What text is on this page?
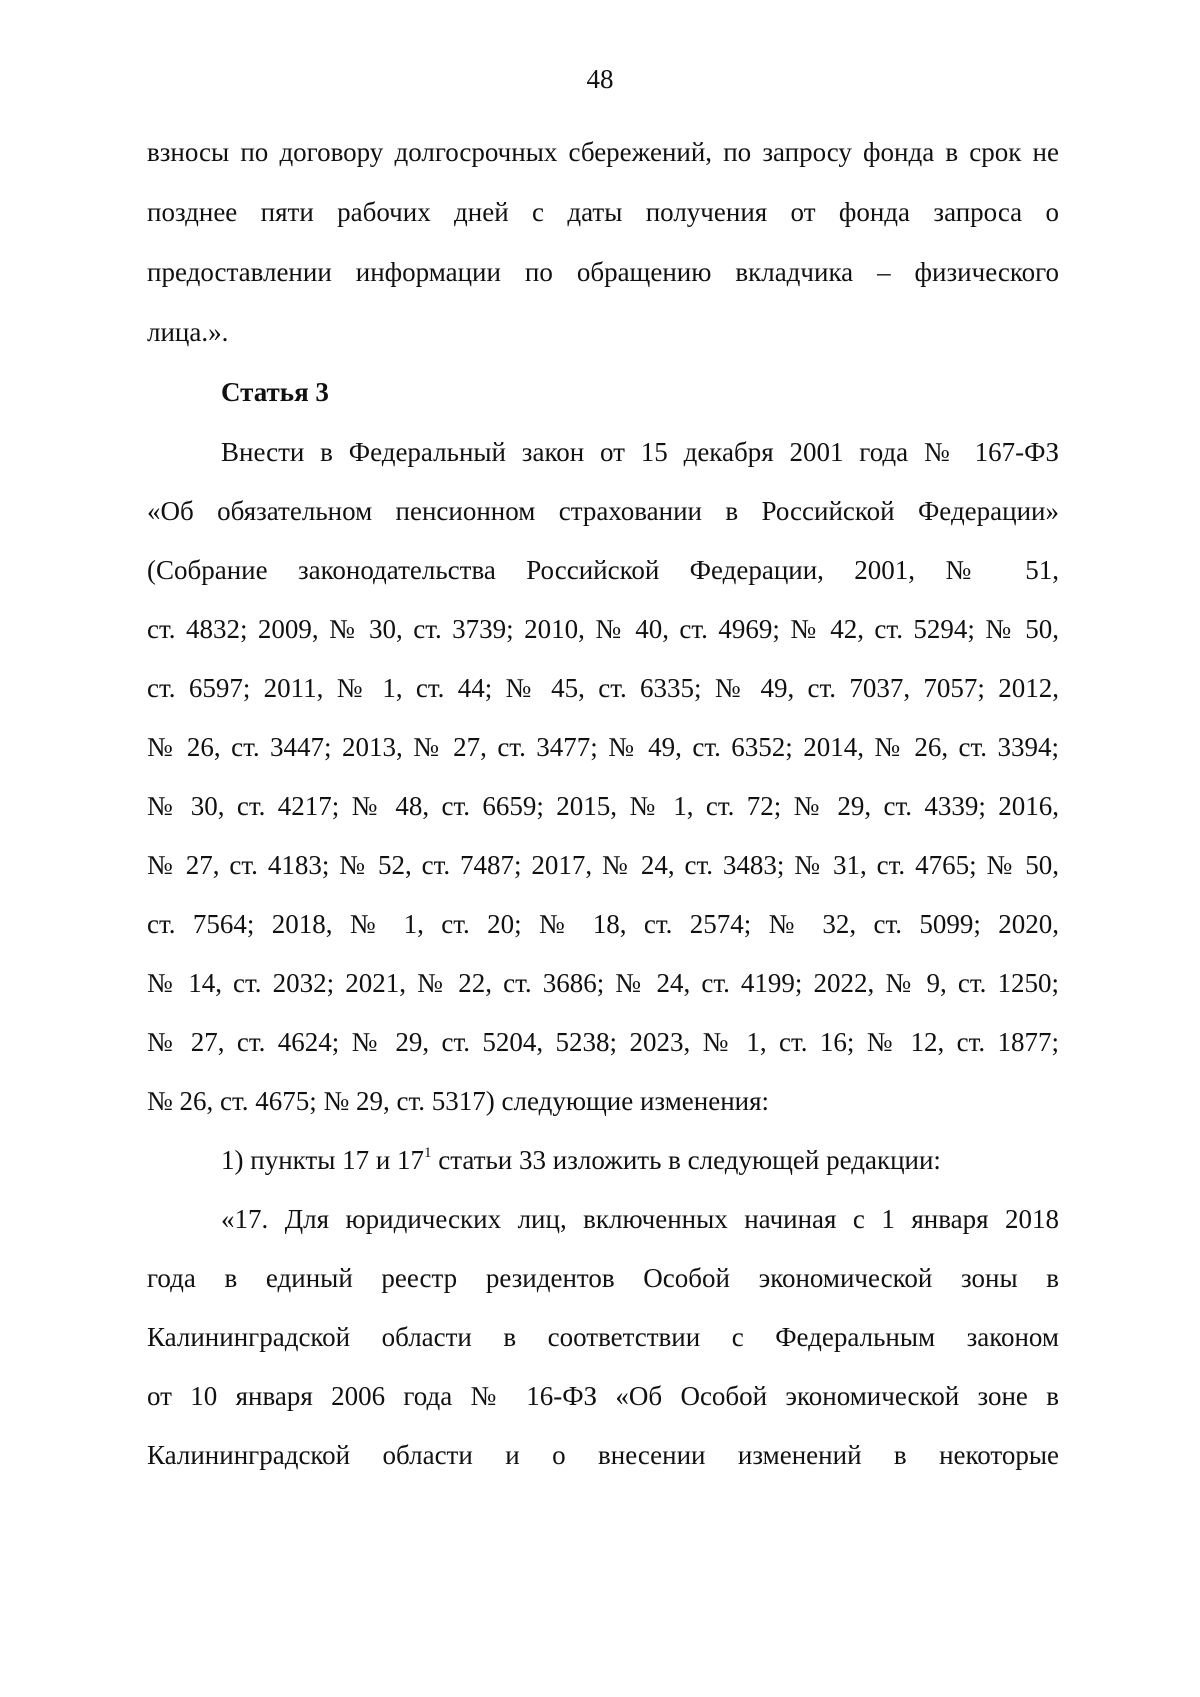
48
взносы по договору долгосрочных сбережений, по запросу фонда в срок не
позднее пяти рабочих дней с даты получения от фонда запроса о
предоставлении информации по обращению вкладчика – физического
лица.».
Статья 3
Внести в Федеральный закон от 15 декабря 2001 года № 167-ФЗ
«Об обязательном пенсионном страховании в Российской Федерации»
(Собрание законодательства Российской Федерации, 2001, № 51,
ст. 4832; 2009, № 30, ст. 3739; 2010, № 40, ст. 4969; № 42, ст. 5294; № 50,
ст. 6597; 2011, № 1, ст. 44; № 45, ст. 6335; № 49, ст. 7037, 7057; 2012,
№ 26, ст. 3447; 2013, № 27, ст. 3477; № 49, ст. 6352; 2014, № 26, ст. 3394;
№ 30, ст. 4217; № 48, ст. 6659; 2015, № 1, ст. 72; № 29, ст. 4339; 2016,
№ 27, ст. 4183; № 52, ст. 7487; 2017, № 24, ст. 3483; № 31, ст. 4765; № 50,
ст. 7564; 2018, № 1, ст. 20; № 18, ст. 2574; № 32, ст. 5099; 2020,
№ 14, ст. 2032; 2021, № 22, ст. 3686; № 24, ст. 4199; 2022, № 9, ст. 1250;
№ 27, ст. 4624; № 29, ст. 5204, 5238; 2023, № 1, ст. 16; № 12, ст. 1877;
№ 26, ст. 4675; № 29, ст. 5317) следующие изменения:
1) пункты 17 и $17^1$ статьи 33 изложить в следующей редакции:
«17. Для юридических лиц, включенных начиная с 1 января 2018
года в единый реестр резидентов Особой экономической зоны в
Калининградской области в соответствии с Федеральным законом
от 10 января 2006 года № 16-ФЗ «Об Особой экономической зоне в
Калининградской области и о внесении изменений в некоторые
